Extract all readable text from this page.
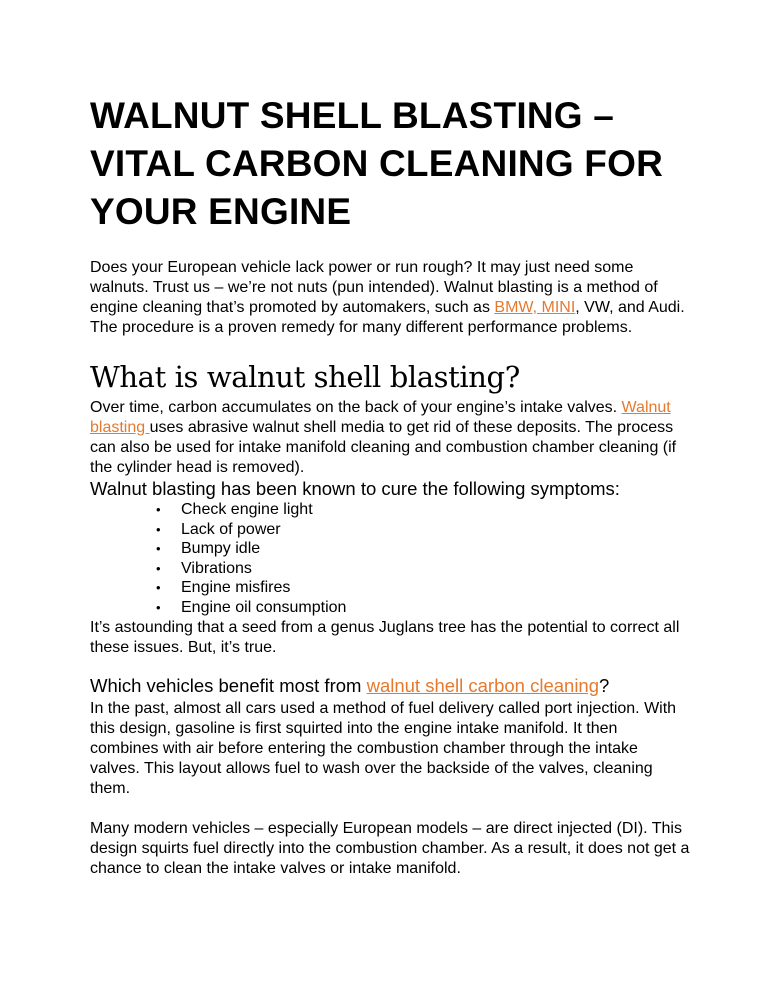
WALNUT SHELL BLASTING – VITAL CARBON CLEANING FOR YOUR ENGINE

Does your European vehicle lack power or run rough? It may just need some walnuts. Trust us – we’re not nuts (pun intended). Walnut blasting is a method of engine cleaning that’s promoted by automakers, such as BMW, MINI, VW, and Audi. The procedure is a proven remedy for many different performance problems.

What is walnut shell blasting?

Over time, carbon accumulates on the back of your engine’s intake valves. Walnut blasting uses abrasive walnut shell media to get rid of these deposits. The process can also be used for intake manifold cleaning and combustion chamber cleaning (if the cylinder head is removed).

Walnut blasting has been known to cure the following symptoms:

• Check engine light
• Lack of power
• Bumpy idle
• Vibrations
• Engine misfires
• Engine oil consumption

It’s astounding that a seed from a genus Juglans tree has the potential to correct all these issues. But, it’s true.

Which vehicles benefit most from walnut shell carbon cleaning?

In the past, almost all cars used a method of fuel delivery called port injection. With this design, gasoline is first squirted into the engine intake manifold. It then combines with air before entering the combustion chamber through the intake valves. This layout allows fuel to wash over the backside of the valves, cleaning them.

Many modern vehicles – especially European models – are direct injected (DI). This design squirts fuel directly into the combustion chamber. As a result, it does not get a chance to clean the intake valves or intake manifold.
